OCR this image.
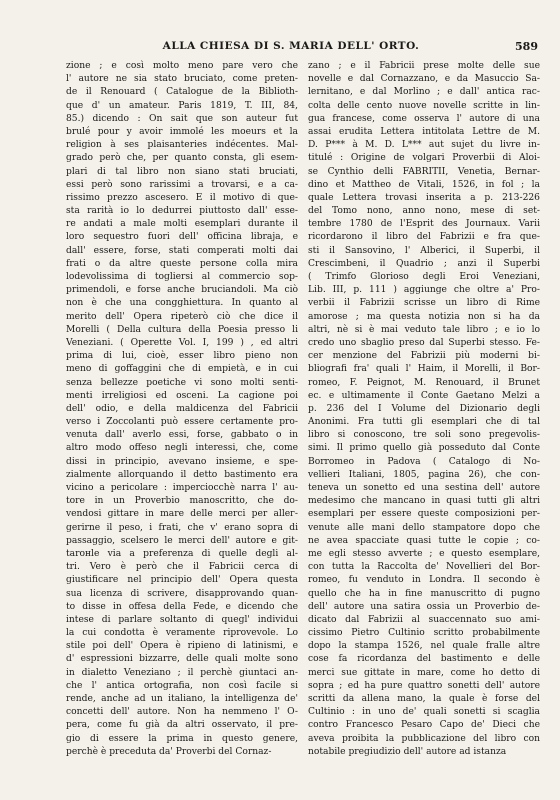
ALLA CHIESA DI S. MARIA DELL' ORTO.	589
zione ; e così molto meno pare vero che
l' autore ne sia stato bruciato, come preten-
de il Renouard ( Catalogue de la Biblioth-
que d' un amateur. Paris 1819, T. III, 84,
85.) dicendo : On sait que son auteur fut
brulé pour y avoir immolé les moeurs et la
religion à ses plaisanteries indécentes. Mal-
grado però che, per quanto consta, gli esem-
plari di tal libro non siano stati bruciati,
essi però sono rarissimi a trovarsi, e a ca-
rissimo prezzo ascesero. E il motivo di que-
sta rarità io lo dedurrei piuttosto dall' esse-
re andati a male molti esemplari durante il
loro sequestro fuori dell' officina libraja, e
dall' essere, forse, stati comperati molti dai
frati o da altre queste persone colla mira
lodevolissima di togliersi al commercio sop-
primendoli, e forse anche bruciandoli. Ma ciò
non è che una congghiettura. In quanto al
merito dell' Opera ripeterò ciò che dice il
Morelli ( Della cultura della Poesia presso li
Veneziani. ( Operette Vol. I, 199 ) , ed altri
prima di lui, cioè, esser libro pieno non
meno di goffaggini che di empietà, e in cui
senza bellezze poetiche vi sono molti senti-
menti irreligiosi ed osceni. La cagione poi
dell' odio, e della maldicenza del Fabricii
verso i Zoccolanti può essere certamente pro-
venuta dall' averlo essi, forse, gabbato o in
altro modo offeso negli interessi, che, come
dissi in principio, avevano insieme, e spe-
zialmente allorquando il detto bastimento era
vicino a pericolare : imperciocchè narra l' au-
tore in un Proverbio manoscritto, che do-
vendosi gittare in mare delle merci per allег-
gerirne il peso, i frati, che v' erano sopra di
passaggio, scelsero le merci dell' autore e git-
tarонle via a preferenza di quelle degli al-
tri. Vero è però che il Fabricii cerca di
giustificare nel principio dell' Opera questa
sua licenza di scrivere, disapprovando quan-
to disse in offesa della Fede, e dicendo che
intese di parlare soltanto di quegl' individui
la cui condotta è veramente riprovevole. Lo
stile poi dell' Opera è ripieno di latinismi, e
d' espressioni bizzarre, delle quali molte sono
in dialetto Veneziano ; il perchè giuntaci an-
che l' antica ortografia, non così facile si
rende, anche ad un italiano, la intelligenza de'
concetti dell' autore. Non ha nemmeno l' O-
pera, come fu già da altri osservato, il pre-
gio di essere la prima in questo genere,
perchè è preceduta da' Proverbi del Cornaz-
zano ; e il Fabricii prese molte delle sue
novelle e dal Cornazzano, e da Masuccio Sa-
lernitano, e dal Morlino ; e dall' antica rac-
colta delle cento nuove novelle scritte in lin-
gua francese, come osserva l' autore di una
assai erudita Lettera intitolata Lettre de M.
D. P*** à M. D. L*** aut sujet du livre in-
titulé : Origine de volgari Proverbii di Aloi-
se Cynthio delli FABRITII, Venetia, Bernar-
dino et Mattheo de Vitali, 1526, in fol ; la
quale Lettera trovasi inserita a p. 213-226
del Tomo nono, anno nono, mese di set-
tembre 1780 de l'Esprit des Journaux. Varii
ricordarono il libro del Fabrizii e fra que-
sti il Sansovino, l' Alberici, il Superbi, il
Crescimbeni, il Quadrio ; anzi il Superbi
( Trimfo Glorioso degli Eroi Veneziani,
Lib. III, p. 111 ) aggiunge che oltre a' Pro-
verbii il Fabrizii scrisse un libro di Rime
amorose ; ma questa notizia non si ha da
altri, nè si è mai veduto tale libro ; e io lo
credo uno sbaglio preso dal Superbi stesso. Fe-
cer menzione del Fabrizii più moderni bi-
bliografi fra' quali l' Haim, il Morelli, il Bor-
romeo, F. Peignot, M. Renouard, il Brunet
ec. e ultimamente il Conte Gaetano Melzi a
p. 236 del I Volume del Dizionario degli
Anonimi. Fra tutti gli esemplari che di tal
libro si conoscono, tre soli sono pregevolis-
simi. Il primo quello già posseduto dal Conte
Borromeo in Padova ( Catalogo di No-
vellieri Italiani, 1805, pagina 26), che con-
teneva un sonetto ed una sestina dell' autore
medesimo che mancano in quasi tutti gli altri
esemplari per essere queste composizioni per-
venute alle mani dello stampatore dopo che
ne avea spacciate quasi tutte le copie ; co-
me egli stesso avverte ; e questo esemplare,
con tutta la Raccolta de' Novellieri del Bor-
romeo, fu venduto in Londra. Il secondo è
quello che ha in fine manuscritto di pugno
dell' autore una satira ossia un Proverbio de-
dicato dal Fabrizii al suaccennato suo ami-
cissimo Pietro Cultinio scritto probabilmente
dopo la stampa 1526, nel quale fralle altre
cose fa ricordanza del bastimento e delle
merci sue gittate in mare, come ho detto di
sopra ; ed ha pure quattro sonetti dell' autore
scritti da allena mano, la quale è forse del
Cultinio : in uno de' quali sonetti si scaglia
contro Francesco Pesaro Capo de' Dieci che
aveva proibita la pubblicazione del libro con
notabile pregiudizio dell' autore ad istanza
